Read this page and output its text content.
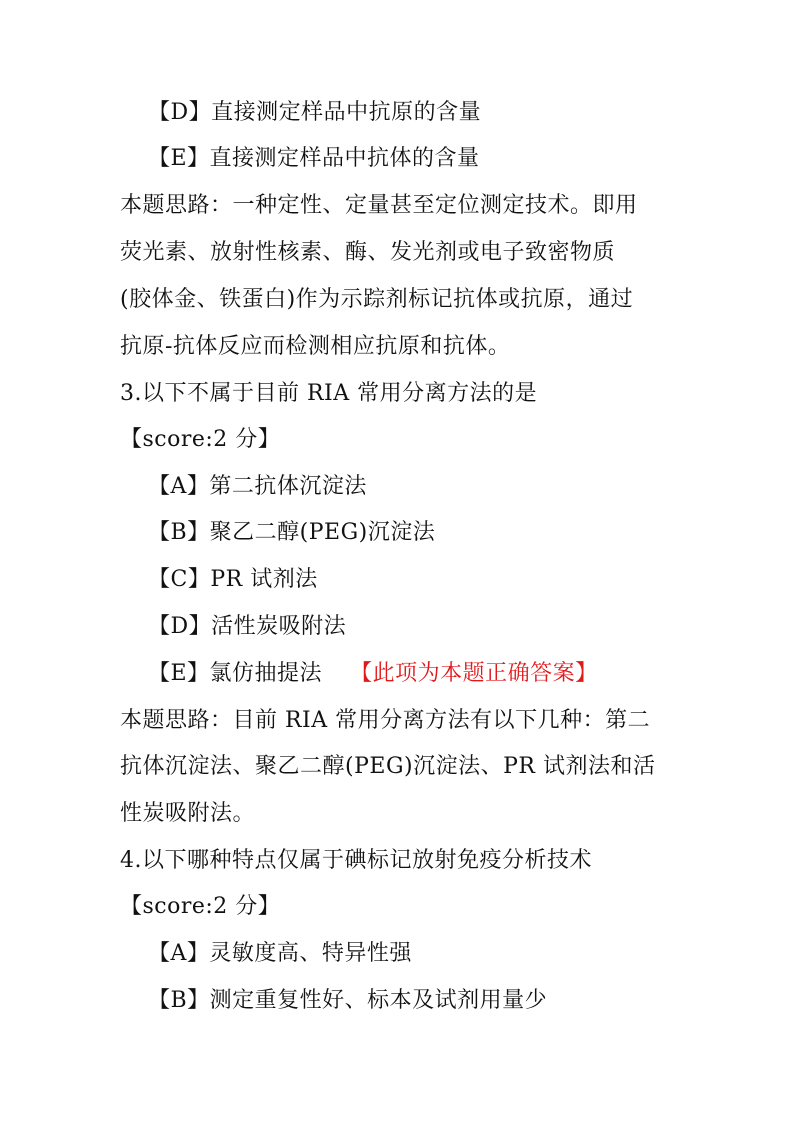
【D】直接测定样品中抗原的含量
【E】直接测定样品中抗体的含量
本题思路：一种定性、定量甚至定位测定技术。即用
荧光素、放射性核素、酶、发光剂或电子致密物质
(胶体金、铁蛋白)作为示踪剂标记抗体或抗原，通过
抗原-抗体反应而检测相应抗原和抗体。
3.以下不属于目前 RIA 常用分离方法的是
【score:2 分】
【A】第二抗体沉淀法
【B】聚乙二醇(PEG)沉淀法
【C】PR 试剂法
【D】活性炭吸附法
【E】氯仿抽提法 【此项为本题正确答案】
本题思路：目前 RIA 常用分离方法有以下几种：第二
抗体沉淀法、聚乙二醇(PEG)沉淀法、PR 试剂法和活
性炭吸附法。
4.以下哪种特点仅属于碘标记放射免疫分析技术
【score:2 分】
【A】灵敏度高、特异性强
【B】测定重复性好、标本及试剂用量少
